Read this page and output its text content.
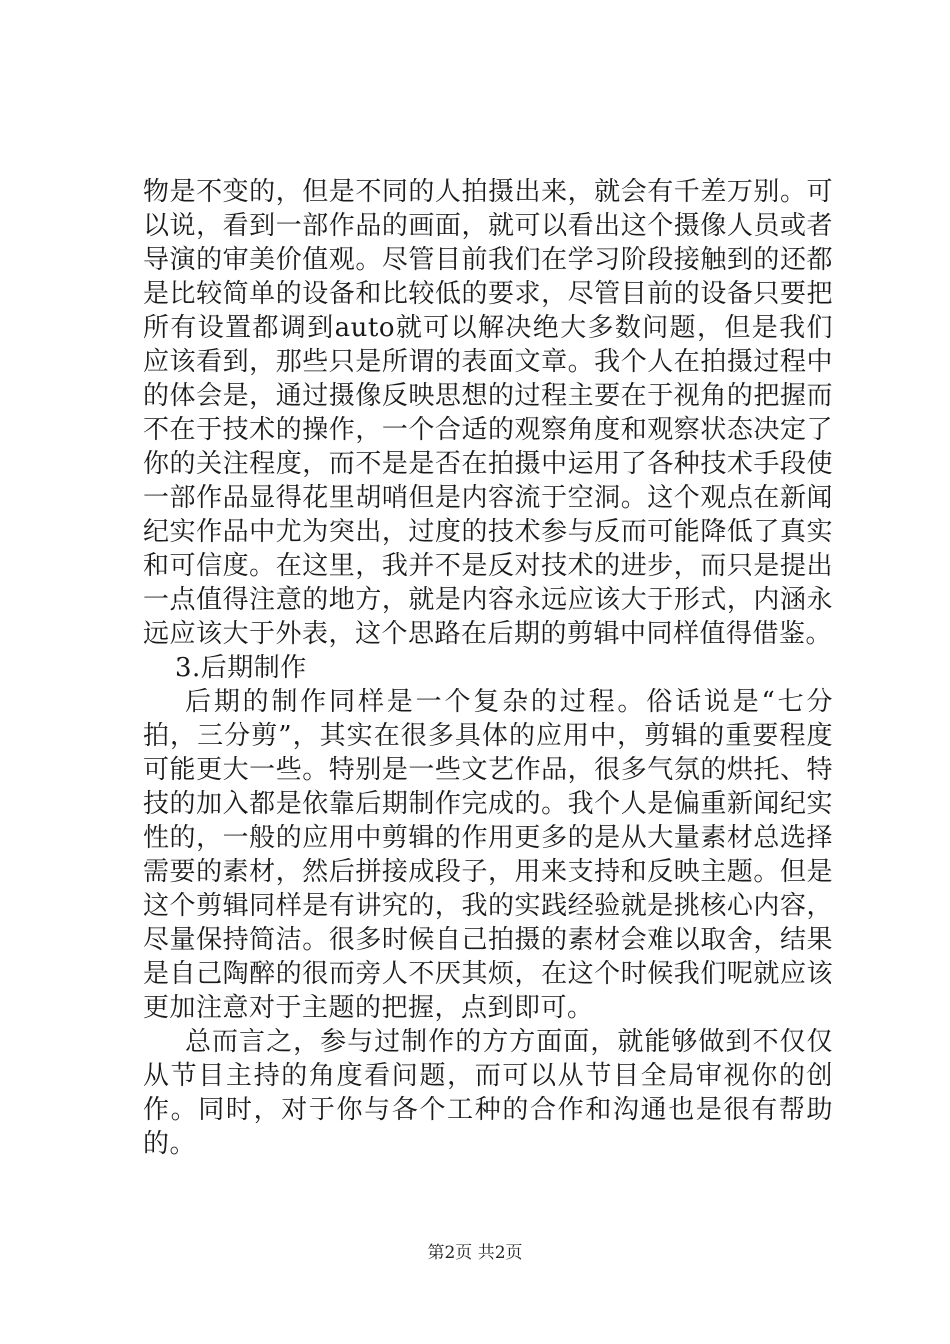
物是不变的，但是不同的人拍摄出来，就会有千差万别。可以说，看到一部作品的画面，就可以看出这个摄像人员或者导演的审美价值观。尽管目前我们在学习阶段接触到的还都是比较简单的设备和比较低的要求，尽管目前的设备只要把所有设置都调到auto就可以解决绝大多数问题，但是我们应该看到，那些只是所谓的表面文章。我个人在拍摄过程中的体会是，通过摄像反映思想的过程主要在于视角的把握而不在于技术的操作，一个合适的观察角度和观察状态决定了你的关注程度，而不是是否在拍摄中运用了各种技术手段使一部作品显得花里胡哨但是内容流于空洞。这个观点在新闻纪实作品中尤为突出，过度的技术参与反而可能降低了真实和可信度。在这里，我并不是反对技术的进步，而只是提出一点值得注意的地方，就是内容永远应该大于形式，内涵永远应该大于外表，这个思路在后期的剪辑中同样值得借鉴。

3.后期制作

后期的制作同样是一个复杂的过程。俗话说是“七分拍，三分剪”，其实在很多具体的应用中，剪辑的重要程度可能更大一些。特别是一些文艺作品，很多气氛的烘托、特技的加入都是依靠后期制作完成的。我个人是偏重新闻纪实性的，一般的应用中剪辑的作用更多的是从大量素材总选择需要的素材，然后拼接成段子，用来支持和反映主题。但是这个剪辑同样是有讲究的，我的实践经验就是挑核心内容，尽量保持简洁。很多时候自己拍摄的素材会难以取舍，结果是自己陶醉的很而旁人不厌其烦，在这个时候我们呢就应该更加注意对于主题的把握，点到即可。

总而言之，参与过制作的方方面面，就能够做到不仅仅从节目主持的角度看问题，而可以从节目全局审视你的创作。同时，对于你与各个工种的合作和沟通也是很有帮助的。

第2页 共2页
